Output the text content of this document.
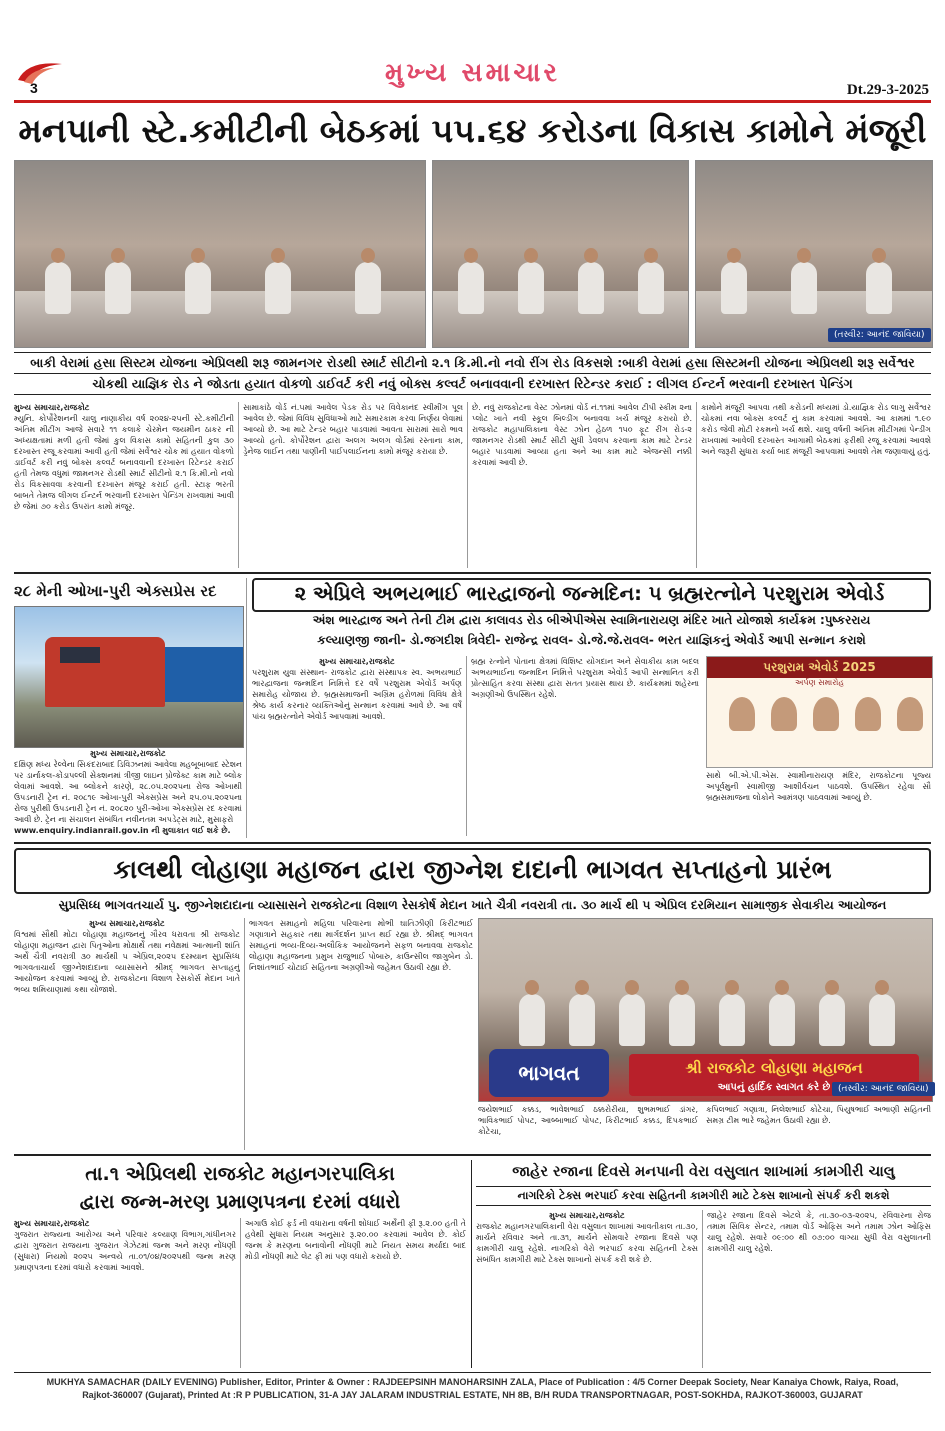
3	મુખ્ય સમાચાર
Dt.29-3-2025
મનપાની સ્ટે.કમીટીની બેઠકમાં ૫૫.૬૪ કરોડના વિકાસ કામોને મંજૂરી
(તસ્વીર: આનંદ જાવિયા)
બાકી વેરામાં હસા સિસ્ટમ યોજના એપ્રિલથી શરૂ જામનગર રોડથી સ્માર્ટ સીટીનો ૨.૧ કિ.મી.નો નવો રીંગ રોડ વિકસશે :બાકી વેરામાં હસા સિસ્ટમની યોજના એપ્રિલથી શરૂ સર્વેશ્વર
ચોકથી યાજ્ઞિક રોડ ને જોડતા હયાત વોકળો ડાઈવર્ટ કરી નવું બોક્સ કલ્વર્ટ બનાવવાની દરખાસ્ત રિટેન્ડર કરાઈ : લીગલ ઈન્ટર્ન ભરવાની દરખાસ્ત પેન્ડિંગ
મુખ્ય સમાચાર,રાજકોટ
મ્યુનિ. કોર્પોરેશનની ચાલુ નાણાકીય વર્ષ ૨૦૨૪-૨૫ની સ્ટે.કમીટીની અંતિમ મીટીંગ આજે સવારે ૧૧ કલાકે ચેરમેન જયમીન ઠાકર ની અધ્યક્ષતામાં મળી હતી જેમાં કુલ વિકાસ કામો સહિતની કુલ ૩૦ દરખાસ્ત રજૂ કરવામાં આવી હતી જેમાં સર્વેશ્વર ચોક માં હયાત વોકળો ડાઈવર્ટ કરી નવું બોક્સ કલ્વર્ટ બનાવવાની દરખાસ્ત રિટેન્ડર કરાઈ હતી તેમજ વધુમાં જામનગર રોડથી સ્માર્ટ સીટીનો ૨.૧ કિ.મી.નો નવો રોડ વિકસાવવા કરવાની દરખાસ્ત મંજૂર કરાઈ હતી. સ્ટાફ ભરતી બાબતે તેમજ લીગલ ઈન્ટર્ન ભરવાની દરખાસ્ત પેન્ડિંગ રાખવામાં આવી છે જેમાં ૭૦ કરોડ ઉપરાંત કામો મંજૂર.
સામાકાંઠે વોર્ડ નં.૫માં આવેલ પેડક રોડ પર વિવેકાનંદ સ્વીમીંગ પૂલ આવેલ છે. જેમાં વિવિધ સુવિધાઓ માટે સમારકામ કરવા નિર્ણય લેવામાં આવ્યો છે. આ માટે ટેન્ડર બહાર પાડવામાં આવતા સારામાં સારો ભાવ આવ્યો હતો. કોર્પોરેશન દ્વારા અલગ અલગ વોર્ડમાં રસ્તાના કામ, ડ્રેનેજ લાઈન તથા પાણીની પાઈપલાઈનના કામો મંજૂર કરાયા છે.
છે. નવું રાજકોટના વેસ્ટ ઝોનમાં વોર્ડ નં.૧૧માં આવેલ ટીપી સ્કીમ ૨ના પ્લોટ ખાતે નવી સ્કૂલ બિલ્ડીંગ બનાવવા ખર્ચ મંજૂર કરાયો છે. રાજકોટ મહાપાલિકાના વેસ્ટ ઝોન હેઠળ ૧૫૦ ફૂટ રીંગ રોડ-૨ જામનગર રોડથી સ્માર્ટ સીટી સુધી ડેવલપ કરવાના કામ માટે ટેન્ડર બહાર પાડવામાં આવ્યા હતા અને આ કામ માટે એજન્સી નક્કી કરવામાં આવી છે.
કામોને મંજૂરી આપવા તથી કરોડની મધ્યમાં ડો.યાજ્ઞિક રોડ લાગુ સર્વેશ્વર ચોકમાં નવા બોક્સ કલ્વર્ટ નું કામ કરવામાં આવશે. આ કામમાં ૧.૯૦ કરોડ જેવી મોટી રકમનો ખર્ચ થશે. ચાલુ વર્ષની અંતિમ મીટીંગમાં પેન્ડીંગ રાખવામાં આવેલી દરખાસ્ત આગામી બેઠકમાં ફરીથી રજૂ કરવામાં આવશે અને જરૂરી સુધારા કર્યા બાદ મંજૂરી આપવામાં આવશે તેમ જણાવાયું હતું.
૨૮ મેની ઓખા-પુરી એક્સપ્રેસ રદ
મુખ્ય સમાચાર,રાજકોટ
દક્ષિણ મધ્ય રેલ્વેના સિકંદરાબાદ ડિવિઝનમાં આવેલા મહબૂબાબાદ સ્ટેશન પર ડાર્નાકલ-કોંડાપલ્લી સેક્શનમાં ત્રીજી લાઇન પ્રોજેક્ટ કામ માટે બ્લોક લેવામાં આવશે. આ બ્લોકને કારણે, ૨૮.૦૫.૨૦૨૫ના રોજ ઓખાથી ઉપડનારી ટ્રેન નં. ૨૦૮૧૯ ઓખા-પુરી એક્સપ્રેસ અને ૨૫.૦૫.૨૦૨૫ના રોજ પુરીથી ઉપડનારી ટ્રેન નં. ૨૦૮૨૦ પુરી-ઓખા એક્સપ્રેસ રદ કરવામાં આવી છે. ટ્રેન ના સંચાલન સંબંધિત નવીનતમ અપડેટ્સ માટે, મુસાફરો
www.enquiry.indianrail.gov.in ની મુલાકાત લઈ શકે છે.
૨ એપ્રિલે અભયભાઈ ભારદ્વાજનો જન્મદિન: ૫ બ્રહ્મરત્નોને પરશુરામ એવોર્ડ
અંશ ભારદ્વાજ અને તેની ટીમ દ્વારા કાલાવડ રોડ બીએપીએસ સ્વામિનારાયણ મંદિર ખાતે યોજાશે કાર્યક્રમ :પુષ્કરરાય
કલ્યાણજી જાની- ડો.જગદીશ ત્રિવેદી- રાજેન્દ્ર રાવલ- ડો.જે.જે.રાવલ- ભરત યાજ્ઞિકનું એવોર્ડ આપી સન્માન કરાશે
મુખ્ય સમાચાર,રાજકોટ
પરશુરામ યુવા સંસ્થાન- રાજકોટ દ્વારા સંસ્થાપક સ્વ. અભયભાઈ ભારદ્વાજના જન્મદિન નિમિત્તે દર વર્ષે પરશુરામ એવોર્ડ અર્પણ સમારોહ યોજાય છે. બ્રહ્મસમાજની અગ્રિમ હરોળમાં વિવિધ ક્ષેત્રે શ્રેષ્ઠ કાર્ય કરનાર વ્યક્તિઓનું સન્માન કરવામાં આવે છે. આ વર્ષે પાંચ બ્રહ્મરત્નોને એવોર્ડ આપવામાં આવશે.
બ્રહ્મ રત્નોને પોતાના ક્ષેત્રમાં વિશિષ્ટ યોગદાન અને સેવાકીય કામ બદલ અભયભાઈના જન્મદિન નિમિત્તે પરશુરામ એવોર્ડ આપી સન્માનિત કરી પ્રોત્સાહિત કરવા સંસ્થા દ્વારા સતત પ્રયાસ થાય છે. કાર્યક્રમમાં શહેરના અગ્રણીઓ ઉપસ્થિત રહેશે.
પરશુરામ એવોર્ડ 2025
અર્પણ સમારોહ
સાથે બી.એ.પી.એસ. સ્વામીનારાયણ મંદિર, રાજકોટના પૂજ્ય અપૂર્વમુની સ્વામીજી આશીર્વચન પાઠવશે. ઉપસ્થિત રહેવા સૌ બ્રહ્મસમાજના લોકોને આમંત્રણ પાઠવવામાં આવ્યું છે.
કાલથી લોહાણા મહાજન દ્વારા જીગ્નેશ દાદાની ભાગવત સપ્તાહનો પ્રારંભ
સુપ્રસિધ્ધ ભાગવતચાર્ય પુ. જીગ્નેશદાદાના વ્યાસાસને રાજકોટના વિશાળ રેસકોર્ષ મેદાન ખાતે ચૈત્રી નવરાત્રી તા. ૩૦ માર્ચ થી ૫ એપ્રિલ દરમિયાન સામાજીક સેવાકીય આયોજન
મુખ્ય સમાચાર,રાજકોટ
વિશ્વમાં સૌથી મોટા લોહાણા મહાજનનું ગૌરવ ધરાવતા શ્રી રાજકોટ લોહાણા મહાજન દ્વારા પિતૃઓના મોક્ષાર્થે તથા નવેક્ષમાં આત્માની શાંતિ અર્થે ચૈત્રી નવરાત્રી ૩૦ માર્ચથી ૫ એપ્રિલ,૨૦૨૫ દરમ્યાન સુપ્રસિધ્ધ ભાગવતાચાર્ય જીગ્નેશદાદાના વ્યાસાસને શ્રીમદ્ ભાગવત સપ્તાહનું આયોજન કરવામાં આવ્યું છે. રાજકોટના વિશાળ રેસકોર્સ મેદાન ખાતે ભવ્ય શમિયાણામાં કથા યોજાશે.
ભાગવત સમાહનો મહિલા પરિવારના મોભી ઘાતિઝીણી કિરીટભાઈ ગણાત્રાને સહકાર તથા માર્ગદર્શન પ્રાપ્ત થઈ રહ્યા છે. શ્રીમદ્ ભાગવત સમાહનાં ભવ્ય-દિવ્ય-અલૌકિક આયોજનને સફળ બનાવવા રાજકોટ લોહાણા મહાજનના પ્રમુખ રાજુભાઈ પોબારુ, કાઉન્સીલ જાગુબેન ડો. નિશાંતભાઈ ચોટાઈ સહિતના અગ્રણીઓ જહેમત ઉઠાવી રહ્યા છે.
ભાગવત	શ્રી રાજકોટ લોહાણા મહાજન
આપનું હાર્દિક સ્વાગત કરે છે (તસ્વીર: આનંદ જાવિયા)
જયેશભાઈ કક્કડ, ભાવેશભાઈ ઠક્કરોરીયા, શુભમભાઈ ડાંગર, ભાવિકભાઈ પોપટ, આબ્બાભાઈ પોપટ, કિરીટભાઈ કક્કડ, દિપકભાઈ કોટેચા,
કપિલભાઈ ગણાત્રા, નિલેશભાઈ કોટેચા, પિયુષભાઈ અભાણી સહિતની સમગ્ર ટીમ ભારે જહેમત ઉઠાવી રહ્યા છે.
તા.૧ એપ્રિલથી રાજકોટ મહાનગરપાલિકા
દ્વારા જન્મ-મરણ પ્રમાણપત્રના દરમાં વધારો
મુખ્ય સમાચાર,રાજકોટ
ગુજરાત રાજ્યના આરોગ્ય અને પરિવાર કલ્યાણ વિભાગ,ગાંધીનગર દ્વારા ગુજરાત રાજયના ગુજરાત ગેઝેટમાં જન્મ અને મરણ નોંધણી (સુધારા) નિયમો ૨૦૨૫ અન્વયે તા.૦૧/૦૪/૨૦૨૫થી જન્મ મરણ પ્રમાણપત્રના દરમાં વધારો કરવામાં આવશે.
અગાઉ કોઈ ફર્ડ ની વધારાના વર્ષની શોધાઈ અર્થેની ફી રૂ.૨.૦૦ હતી તે હવેથી સુધારા નિયમ અનુસાર રૂ.૨૦.૦૦ કરવામાં આવેલ છે. કોઈ જન્મ કે મરણના બનાવોની નોંધણી માટે નિયત સમય મર્યાદા બાદ મોડી નોંધણી માટે લેટ ફી માં પણ વધારો કરાયો છે.
જાહેર રજાના દિવસે મનપાની વેરા વસુલાત શાખામાં કામગીરી ચાલુ
નાગરિકો ટેક્સ ભરપાઈ કરવા સહિતની કામગીરી માટે ટેક્સ શાખાનો સંપર્ક કરી શકશે
મુખ્ય સમાચાર,રાજકોટ
રાજકોટ મહાનગરપાલિકાની વેરા વસુલાત શાખામાં આવતીકાલ તા.૩૦, માર્ચને રવિવાર અને તા.૩૧, માર્ચને સોમવારે રજાના દિવસે પણ કામગીરી ચાલુ રહેશે. નાગરિકો વેરો ભરપાઈ કરવા સહિતની ટેક્સ સંબંધિત કામગીરી માટે ટેક્સ શાખાનો સંપર્ક કરી શકે છે.
જાહેર રજાના દિવસે એટલે કે, તા.૩૦-૦૩-૨૦૨૫, રવિવારના રોજ તમામ સિવિક સેન્ટર, તમામ વોર્ડ ઓફિસ અને તમામ ઝોન ઓફિસ ચાલુ રહેશે. સવારે ૦૯:૦૦ થી ૦૭:૦૦ વાગ્યા સુધી વેરા વસુલાતની કામગીરી ચાલુ રહેશે.
MUKHYA SAMACHAR (DAILY EVENING) Publisher, Editor, Printer & Owner : RAJDEEPSINH MANOHARSINH ZALA, Place of Publication : 4/5 Corner Deepak Society, Near Kanaiya Chowk, Raiya, Road,
Rajkot-360007 (Gujarat), Printed At :R P PUBLICATION, 31-A JAY JALARAM INDUSTRIAL ESTATE, NH 8B, B/H RUDA TRANSPORTNAGAR, POST-SOKHDA, RAJKOT-360003, GUJARAT
